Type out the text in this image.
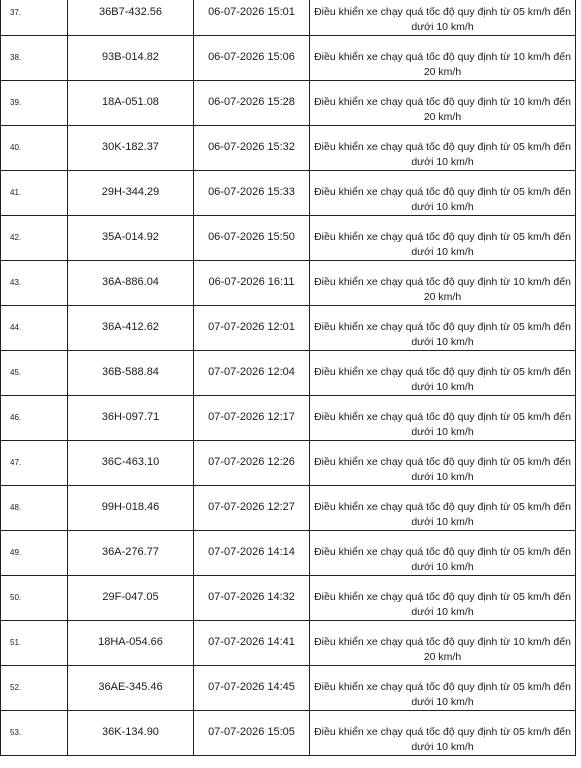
37.	36B7-432.56	06-07-2026 15:01	Điều khiển xe chạy quá tốc độ quy định từ 05 km/h đến dưới 10 km/h
38.	93B-014.82	06-07-2026 15:06	Điều khiển xe chạy quá tốc độ quy định từ 10 km/h đến 20 km/h
39.	18A-051.08	06-07-2026 15:28	Điều khiển xe chạy quá tốc độ quy định từ 10 km/h đến 20 km/h
40.	30K-182.37	06-07-2026 15:32	Điều khiển xe chạy quá tốc độ quy định từ 05 km/h đến dưới 10 km/h
41.	29H-344.29	06-07-2026 15:33	Điều khiển xe chạy quá tốc độ quy định từ 05 km/h đến dưới 10 km/h
42.	35A-014.92	06-07-2026 15:50	Điều khiển xe chạy quá tốc độ quy định từ 05 km/h đến dưới 10 km/h
43.	36A-886.04	06-07-2026 16:11	Điều khiển xe chạy quá tốc độ quy định từ 10 km/h đến 20 km/h
44.	36A-412.62	07-07-2026 12:01	Điều khiển xe chạy quá tốc độ quy định từ 05 km/h đến dưới 10 km/h
45.	36B-588.84	07-07-2026 12:04	Điều khiển xe chạy quá tốc độ quy định từ 05 km/h đến dưới 10 km/h
46.	36H-097.71	07-07-2026 12:17	Điều khiển xe chạy quá tốc độ quy định từ 05 km/h đến dưới 10 km/h
47.	36C-463.10	07-07-2026 12:26	Điều khiển xe chạy quá tốc độ quy định từ 05 km/h đến dưới 10 km/h
48.	99H-018.46	07-07-2026 12:27	Điều khiển xe chạy quá tốc độ quy định từ 05 km/h đến dưới 10 km/h
49.	36A-276.77	07-07-2026 14:14	Điều khiển xe chạy quá tốc độ quy định từ 05 km/h đến dưới 10 km/h
50.	29F-047.05	07-07-2026 14:32	Điều khiển xe chạy quá tốc độ quy định từ 05 km/h đến dưới 10 km/h
51.	18HA-054.66	07-07-2026 14:41	Điều khiển xe chạy quá tốc độ quy định từ 10 km/h đến 20 km/h
52.	36AE-345.46	07-07-2026 14:45	Điều khiển xe chạy quá tốc độ quy định từ 05 km/h đến dưới 10 km/h
53.	36K-134.90	07-07-2026 15:05	Điều khiển xe chạy quá tốc độ quy định từ 05 km/h đến dưới 10 km/h
